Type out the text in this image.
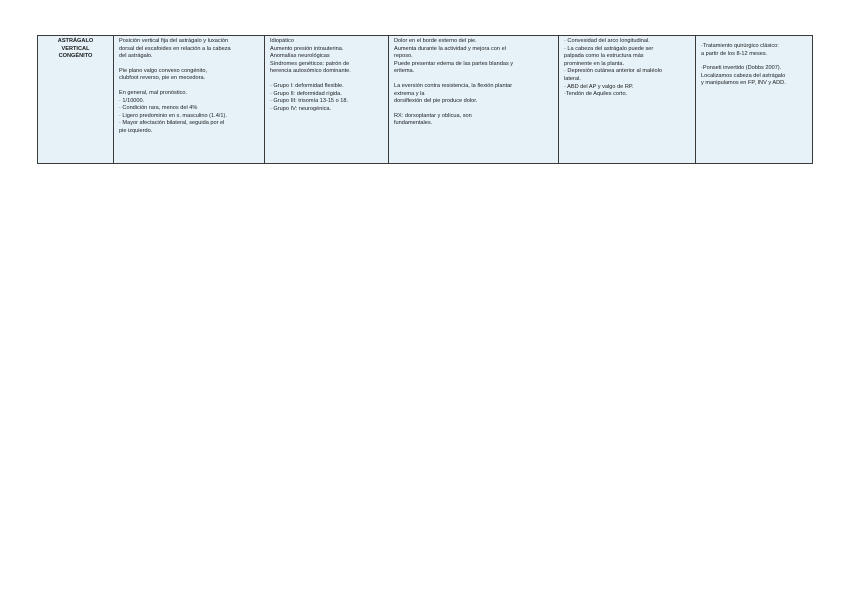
ASTRÁGALO
VERTICAL
CONGÉNITO

Posición vertical fija del astrágalo y luxación
dorsal del escafoides en relación a la cabeza
del astrágalo.
Pie plano valgo convexo congénito,
clubfoot reverso, pie en mecedora.
En general, mal pronóstico.
· 1/10000.
· Condición rara, menos del 4%
· Ligero predominio en s. masculino (1.4/1).
· Mayor afectación bilateral, seguida por el
pie izquierdo.

Idiopático
Aumento presión intrauterina.
Anomalías neurológicas
Síndromes genéticos: patrón de
herencia autosómico dominante.
· Grupo I: deformidad flexible.
· Grupo II: deformidad rígida.
· Grupo III: trisomía 13-15 o 18.
· Grupo IV: neurogénica.

Dolor en el borde externo del pie.
Aumenta durante la actividad y mejora con el
reposo.
Puede presentar edema de las partes blandas y
eritema.
La eversión contra resistencia, la flexión plantar
extrema y la
dorsiflexión del pie produce dolor.
RX: dorsoplantar y oblicua, son
fundamentales.

· Convexidad del arco longitudinal.
· La cabeza del astrágalo puede ser
palpada como la estructura más
prominente en la planta.
· Depresión cutánea anterior al maléolo
lateral.
· ABD del AP y valgo de RP.
·Tendón de Aquiles corto.

·Tratamiento quirúrgico clásico:
a partir de los 8-12 meses.
·Ponseti invertido (Dobbs 2007).
Localizamos cabeza del astrágalo
y manipulamos en FP, INV y ADD.
